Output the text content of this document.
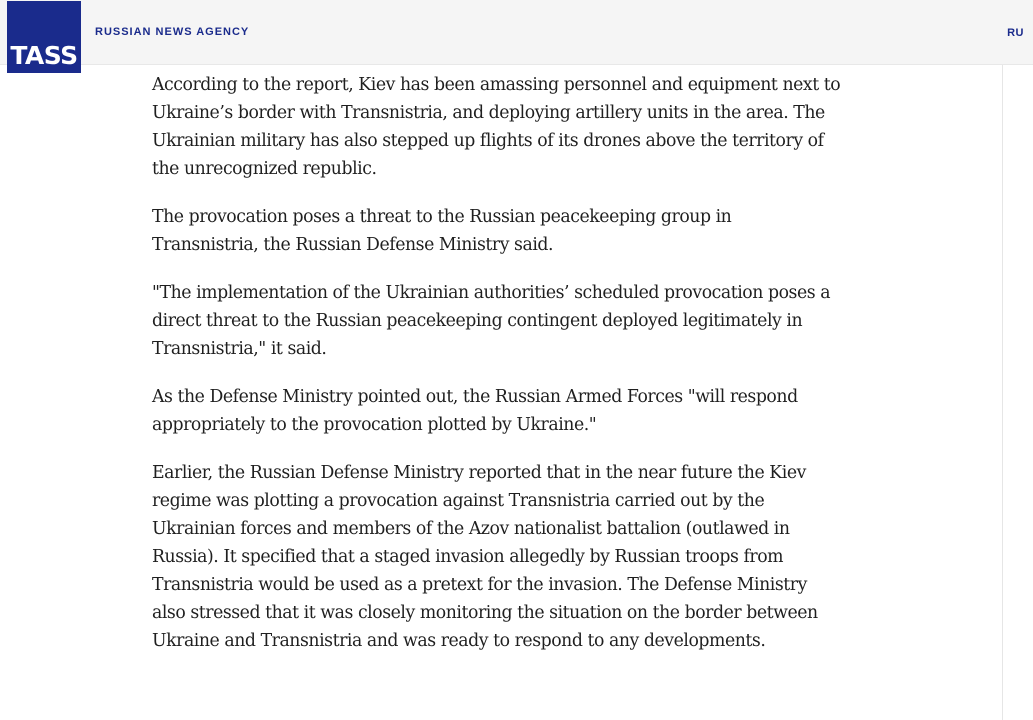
TASS
RUSSIAN NEWS AGENCY	RU

According to the report, Kiev has been amassing personnel and equipment next to Ukraine’s border with Transnistria, and deploying artillery units in the area. The Ukrainian military has also stepped up flights of its drones above the territory of the unrecognized republic.

The provocation poses a threat to the Russian peacekeeping group in Transnistria, the Russian Defense Ministry said.

"The implementation of the Ukrainian authorities’ scheduled provocation poses a direct threat to the Russian peacekeeping contingent deployed legitimately in Transnistria," it said.

As the Defense Ministry pointed out, the Russian Armed Forces "will respond appropriately to the provocation plotted by Ukraine."

Earlier, the Russian Defense Ministry reported that in the near future the Kiev regime was plotting a provocation against Transnistria carried out by the Ukrainian forces and members of the Azov nationalist battalion (outlawed in Russia). It specified that a staged invasion allegedly by Russian troops from Transnistria would be used as a pretext for the invasion. The Defense Ministry also stressed that it was closely monitoring the situation on the border between Ukraine and Transnistria and was ready to respond to any developments.
